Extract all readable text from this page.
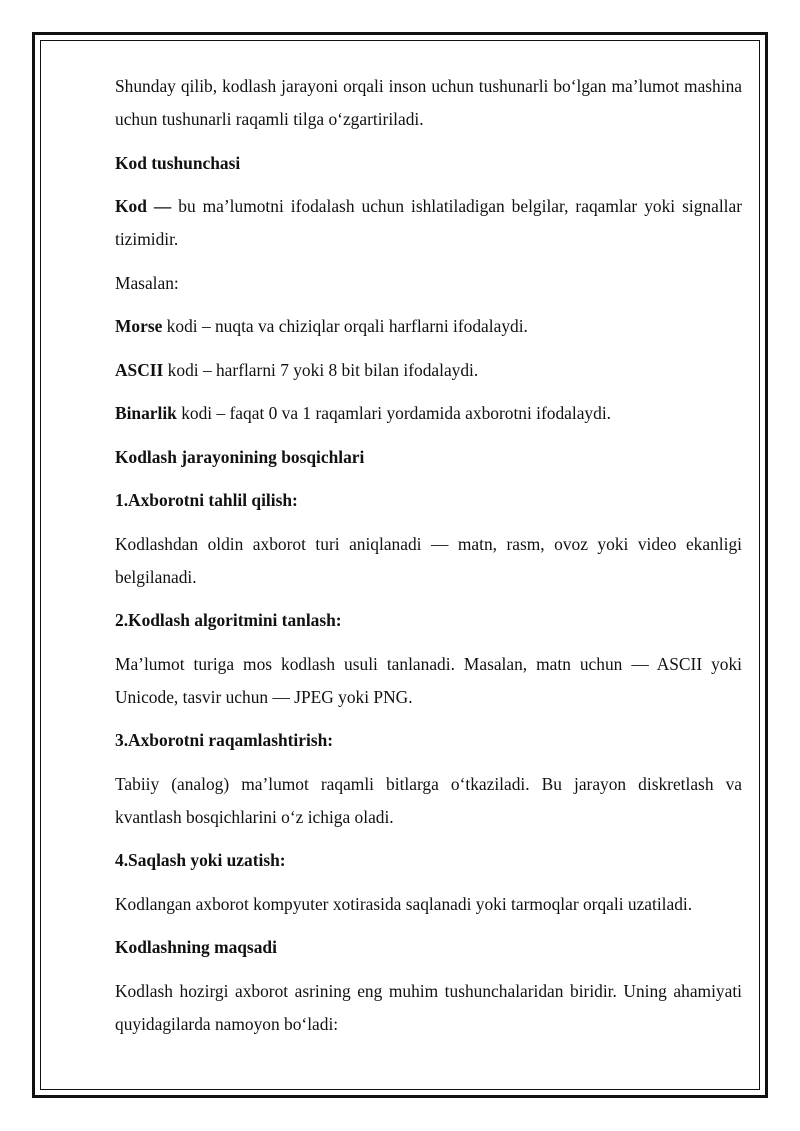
Shunday qilib, kodlash jarayoni orqali inson uchun tushunarli bo‘lgan ma’lumot mashina uchun tushunarli raqamli tilga o‘zgartiriladi.

Kod tushunchasi

Kod — bu ma’lumotni ifodalash uchun ishlatiladigan belgilar, raqamlar yoki signallar tizimidir.

Masalan:

Morse kodi – nuqta va chiziqlar orqali harflarni ifodalaydi.

ASCII kodi – harflarni 7 yoki 8 bit bilan ifodalaydi.

Binarlik kodi – faqat 0 va 1 raqamlari yordamida axborotni ifodalaydi.

Kodlash jarayonining bosqichlari

1.Axborotni tahlil qilish:

Kodlashdan oldin axborot turi aniqlanadi — matn, rasm, ovoz yoki video ekanligi belgilanadi.

2.Kodlash algoritmini tanlash:

Ma’lumot turiga mos kodlash usuli tanlanadi. Masalan, matn uchun — ASCII yoki Unicode, tasvir uchun — JPEG yoki PNG.

3.Axborotni raqamlashtirish:

Tabiiy (analog) ma’lumot raqamli bitlarga o‘tkaziladi. Bu jarayon diskretlash va kvantlash bosqichlarini o‘z ichiga oladi.

4.Saqlash yoki uzatish:

Kodlangan axborot kompyuter xotirasida saqlanadi yoki tarmoqlar orqali uzatiladi.

Kodlashning maqsadi

Kodlash hozirgi axborot asrining eng muhim tushunchalaridan biridir. Uning ahamiyati quyidagilarda namoyon bo‘ladi:
